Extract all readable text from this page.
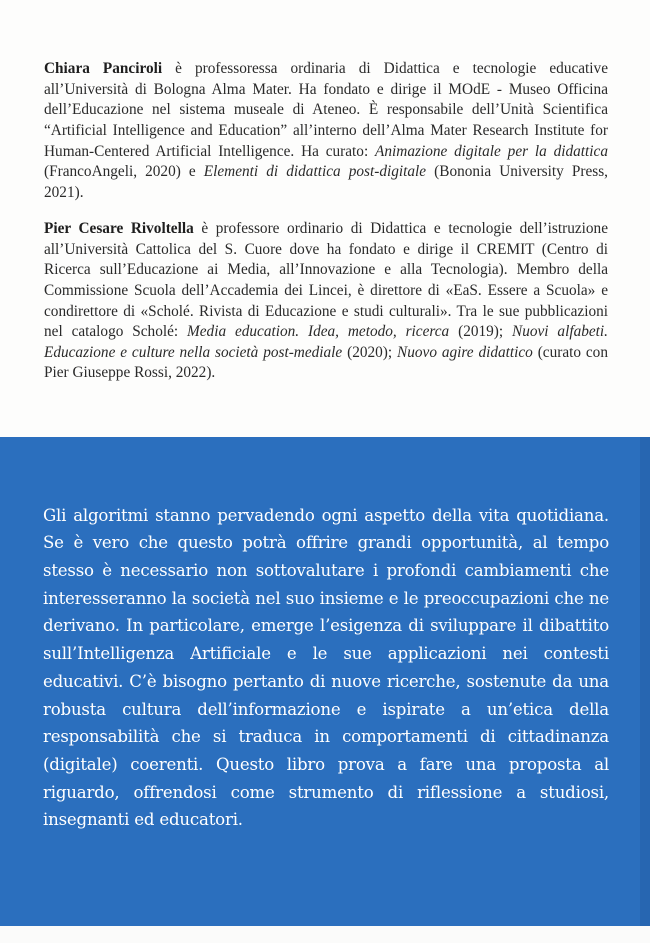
Chiara Panciroli è professoressa ordinaria di Didattica e tecnologie educative all’Università di Bologna Alma Mater. Ha fondato e dirige il MOdE - Museo Officina dell’Educazione nel sistema museale di Ateneo. È responsabile dell’Unità Scientifica “Artificial Intelligence and Education” all’interno dell’Alma Mater Research Institute for Human-Centered Artificial Intelligence. Ha curato: Animazione digitale per la didattica (FrancoAngeli, 2020) e Elementi di didattica post-digitale (Bononia University Press, 2021).

Pier Cesare Rivoltella è professore ordinario di Didattica e tecnologie dell’istruzione all’Università Cattolica del S. Cuore dove ha fondato e dirige il CREMIT (Centro di Ricerca sull’Educazione ai Media, all’Innovazione e alla Tecnologia). Membro della Commissione Scuola dell’Accademia dei Lincei, è direttore di «EaS. Essere a Scuola» e condirettore di «Scholé. Rivista di Educazione e studi culturali». Tra le sue pubblicazioni nel catalogo Scholé: Media education. Idea, metodo, ricerca (2019); Nuovi alfabeti. Educazione e culture nella società post-mediale (2020); Nuovo agire didattico (curato con Pier Giuseppe Rossi, 2022).

Gli algoritmi stanno pervadendo ogni aspetto della vita quotidiana. Se è vero che questo potrà offrire grandi opportunità, al tempo stesso è necessario non sottovalutare i profondi cambiamenti che interesseranno la società nel suo insieme e le preoccupazioni che ne derivano. In particolare, emerge l’esigenza di sviluppare il dibattito sull’Intelligenza Artificiale e le sue applicazioni nei contesti educativi. C’è bisogno pertanto di nuove ricerche, sostenute da una robusta cultura dell’informazione e ispirate a un’etica della responsabilità che si traduca in comportamenti di cittadinanza (digitale) coerenti. Questo libro prova a fare una proposta al riguardo, offrendosi come strumento di riflessione a studiosi, insegnanti ed educatori.
